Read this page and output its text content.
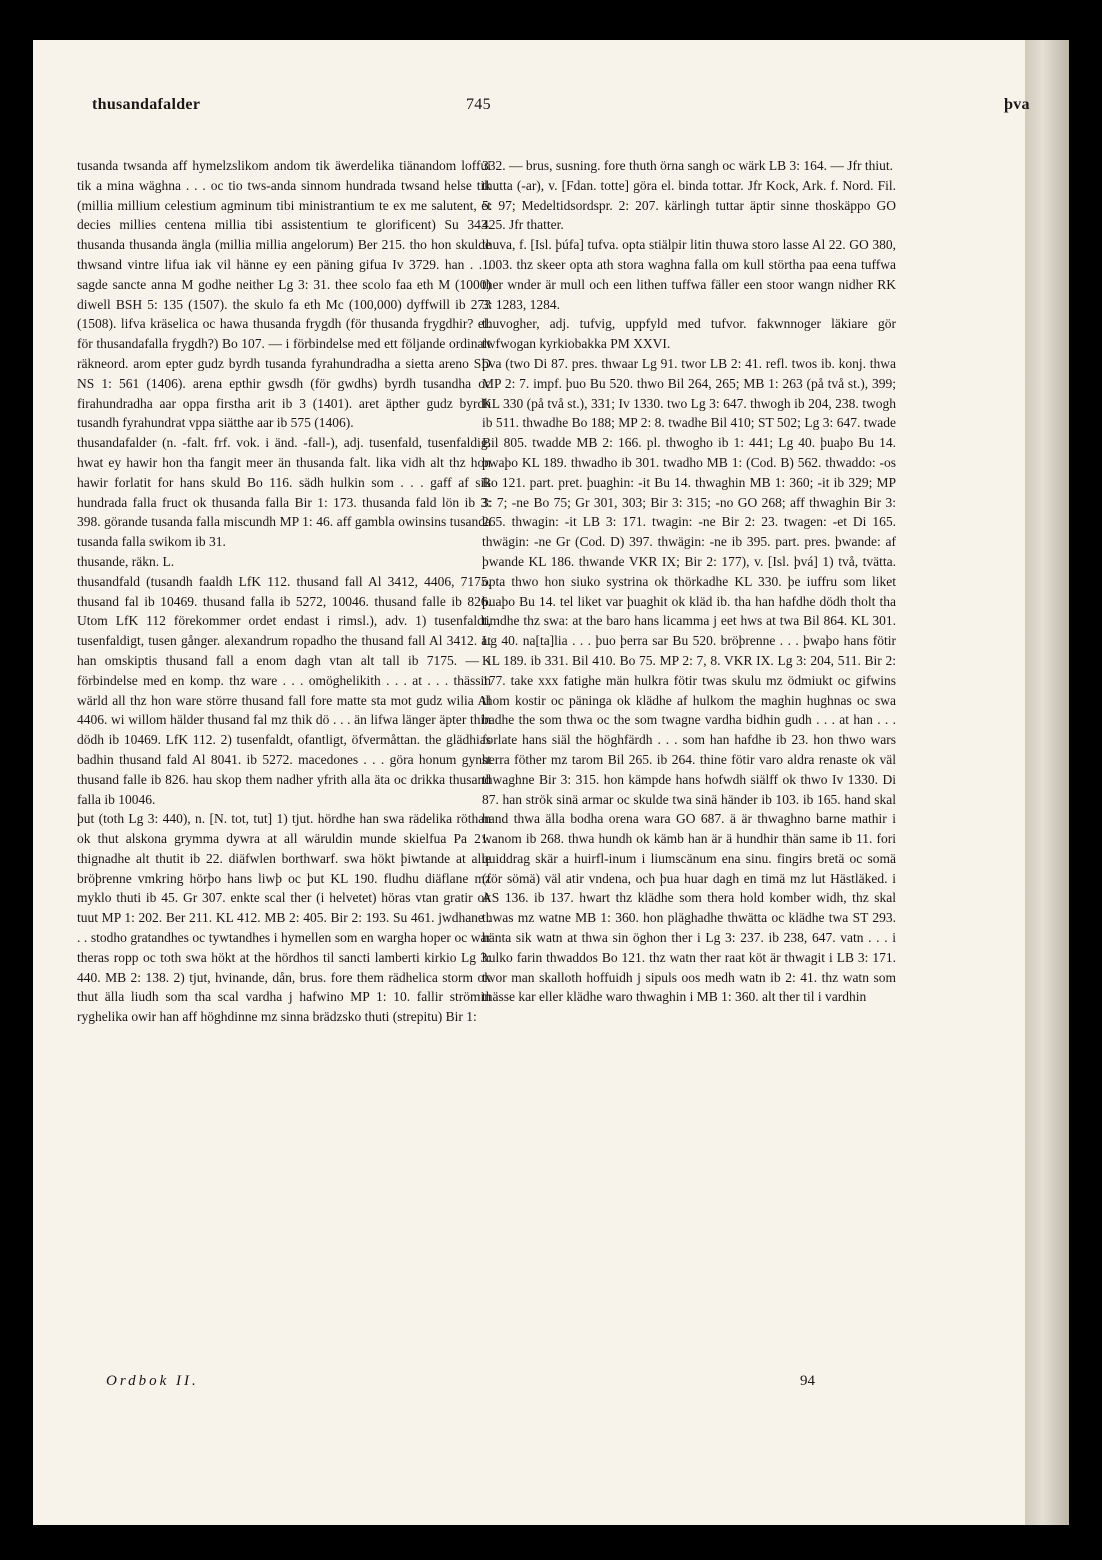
thusandafalder	745	þva

tusanda twsanda aff hymelzslikom andom tik äwerdelika tiänandom loffui tik a mina wäghna . . . oc tio tws-anda sinnom hundrada twsand helse tik (millia millium celestium agminum tibi ministrantium te ex me salutent, et decies millies centena millia tibi assistentium te glorificent) Su 343. thusanda thusanda ängla (millia millia angelorum) Ber 215. tho hon skulde thwsand vintre lifua iak vil hänne ey een päning gifua Iv 3729. han . . . sagde sancte anna M godhe neither Lg 3: 31. thee scolo faa eth M (1000) diwell BSH 5: 135 (1507). the skulo fa eth Mc (100,000) dyffwill ib 273 (1508). lifva kräselica oc hawa thusanda frygdh (för thusanda frygdhir? el. för thusandafalla frygdh?) Bo 107. — i förbindelse med ett följande ordinalt räkneord. arom epter gudz byrdh tusanda fyrahundradha a sietta areno SD NS 1: 561 (1406). arena epthir gwsdh (för gwdhs) byrdh tusandha oc firahundradha aar oppa firstha arit ib 3 (1401). aret äpther gudz byrdh tusandh fyrahundrat vppa siätthe aar ib 575 (1406).

thusandafalder (n. -falt. frf. vok. i änd. -fall-), adj. tusenfald, tusenfaldig. hwat ey hawir hon tha fangit meer än thusanda falt. lika vidh alt thz hon hawir forlatit for hans skuld Bo 116. sädh hulkin som . . . gaff af sik hundrada falla fruct ok thusanda falla Bir 1: 173. thusanda fald lön ib 3: 398. görande tusanda falla miscundh MP 1: 46. aff gambla owinsins tusanda tusanda falla swikom ib 31.

thusande, räkn. L.

thusandfald (tusandh faaldh LfK 112. thusand fall Al 3412, 4406, 7175. thusand fal ib 10469. thusand falla ib 5272, 10046. thusand falle ib 826. Utom LfK 112 förekommer ordet endast i rimsl.), adv. 1) tusenfaldt, tusenfaldigt, tusen gånger. alexandrum ropadho the thusand fall Al 3412. at han omskiptis thusand fall a enom dagh vtan alt tall ib 7175. — i förbindelse med en komp. thz ware . . . omöghelikith . . . at . . . thässin wärld all thz hon ware större thusand fall fore matte sta mot gudz wilia Al 4406. wi willom hälder thusand fal mz thik dö . . . än lifwa länger äpter thin dödh ib 10469. LfK 112. 2) tusenfaldt, ofantligt, öfvermåttan. the glädhias badhin thusand fald Al 8041. ib 5272. macedones . . . göra honum gynst thusand falle ib 826. hau skop them nadher yfrith alla äta oc drikka thusand falla ib 10046.

þut (toth Lg 3: 440), n. [N. tot, tut] 1) tjut. hördhe han swa rädelika röthan ok thut alskona grymma dywra at all wäruldin munde skielfua Pa 21. thignadhe alt thutit ib 22. diäfwlen borthwarf. swa hökt þiwtande at alle bröþrenne vmkring hörþo hans liwþ oc þut KL 190. fludhu diäflane mz myklo thuti ib 45. Gr 307. enkte scal ther (i helvetet) höras vtan gratir ok tuut MP 1: 202. Ber 211. KL 412. MB 2: 405. Bir 2: 193. Su 461. jwdhane . . . stodho gratandhes oc tywtandhes i hymellen som en wargha hoper oc war theras ropp oc toth swa hökt at the hördhos til sancti lamberti kirkio Lg 3: 440. MB 2: 138. 2) tjut, hvinande, dån, brus. fore them rädhelica storm ok thut älla liudh som tha scal vardha j hafwino MP 1: 10. fallir strömin ryghelika owir han aff höghdinne mz sinna brädzsko thuti (strepitu) Bir 1:

332. — brus, susning. fore thuth örna sangh oc wärk LB 3: 164. — Jfr thiut.

thutta (-ar), v. [Fdan. totte] göra el. binda tottar. Jfr Kock, Ark. f. Nord. Fil. 5: 97; Medeltidsordspr. 2: 207. kärlingh tuttar äptir sinne thoskäppo GO 425. Jfr thatter.

thuva, f. [Isl. þúfa] tufva. opta stiälpir litin thuwa storo lasse Al 22. GO 380, 1003. thz skeer opta ath stora waghna falla om kull störtha paa eena tuffwa ther wnder är mull och een lithen tuffwa fäller een stoor wangn nidher RK 3: 1283, 1284.

thuvogher, adj. tufvig, uppfyld med tufvor. fakwnnoger läkiare gör twfwogan kyrkiobakka PM XXVI.

þva (two Di 87. pres. thwaar Lg 91. twor LB 2: 41. refl. twos ib. konj. thwa MP 2: 7. impf. þuo Bu 520. thwo Bil 264, 265; MB 1: 263 (på två st.), 399; KL 330 (på två st.), 331; Iv 1330. two Lg 3: 647. thwogh ib 204, 238. twogh ib 511. thwadhe Bo 188; MP 2: 8. twadhe Bil 410; ST 502; Lg 3: 647. twade Bil 805. twadde MB 2: 166. pl. thwogho ib 1: 441; Lg 40. þuaþo Bu 14. þwaþo KL 189. thwadho ib 301. twadho MB 1: (Cod. B) 562. thwaddo: -os Bo 121. part. pret. þuaghin: -it Bu 14. thwaghin MB 1: 360; -it ib 329; MP 3: 7; -ne Bo 75; Gr 301, 303; Bir 3: 315; -no GO 268; aff thwaghin Bir 3: 265. thwagin: -it LB 3: 171. twagin: -ne Bir 2: 23. twagen: -et Di 165. thwägin: -ne Gr (Cod. D) 397. thwägin: -ne ib 395. part. pres. þwande: af þwande KL 186. thwande VKR IX; Bir 2: 177), v. [Isl. þvá] 1) två, tvätta. opta thwo hon siuko systrina ok thörkadhe KL 330. þe iuffru som liket þuaþo Bu 14. tel liket var þuaghit ok kläd ib. tha han hafdhe dödh tholt tha timdhe thz swa: at the baro hans licamma j eet hws at twa Bil 864. KL 301. Lg 40. na[ta]lia . . . þuo þerra sar Bu 520. bröþrenne . . . þwaþo hans fötir KL 189. ib 331. Bil 410. Bo 75. MP 2: 7, 8. VKR IX. Lg 3: 204, 511. Bir 2: 177. take xxx fatighe män hulkra fötir twas skulu mz ödmiukt oc gifwins thom kostir oc päninga ok klädhe af hulkom the maghin hughnas oc swa badhe the som thwa oc the som twagne vardha bidhin gudh . . . at han . . . forlate hans siäl the höghfärdh . . . som han hafdhe ib 23. hon thwo wars herra föther mz tarom Bil 265. ib 264. thine fötir varo aldra renaste ok väl thwaghne Bir 3: 315. hon kämpde hans hofwdh siälff ok thwo Iv 1330. Di 87. han strök sinä armar oc skulde twa sinä händer ib 103. ib 165. hand skal hand thwa älla bodha orena wara GO 687. ä är thwaghno barne mathir i wanom ib 268. thwa hundh ok kämb han är ä hundhir thän same ib 11. fori quiddrag skär a huirfl-inum i liumscänum ena sinu. fingirs bretä oc somä (för sömä) väl atir vndena, och þua huar dagh en timä mz lut Hästläked. i AS 136. ib 137. hwart thz klädhe som thera hold komber widh, thz skal thwas mz watne MB 1: 360. hon pläghadhe thwätta oc klädhe twa ST 293. hänta sik watn at thwa sin öghon ther i Lg 3: 237. ib 238, 647. vatn . . . i hulko farin thwaddos Bo 121. thz watn ther raat köt är thwagit i LB 3: 171. twor man skalloth hoffuidh j sipuls oos medh watn ib 2: 41. thz watn som thässe kar eller klädhe waro thwaghin i MB 1: 360. alt ther til i vardhin

Ordbok II.	94
